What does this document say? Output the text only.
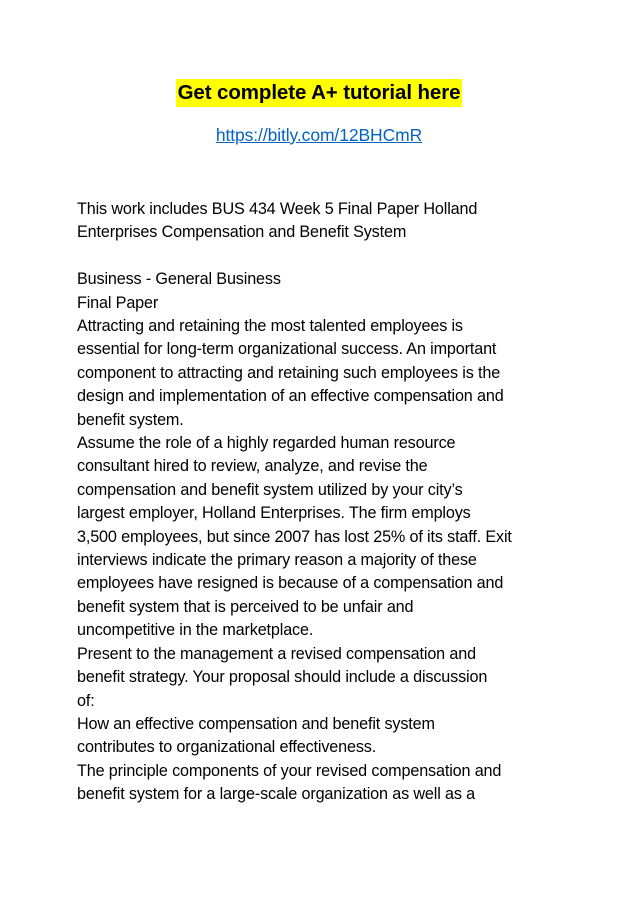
Get complete A+ tutorial here
https://bitly.com/12BHCmR
This work includes BUS 434 Week 5 Final Paper Holland
Enterprises Compensation and Benefit System
Business - General Business
Final Paper
Attracting and retaining the most talented employees is
essential for long-term organizational success. An important
component to attracting and retaining such employees is the
design and implementation of an effective compensation and
benefit system.
Assume the role of a highly regarded human resource
consultant hired to review, analyze, and revise the
compensation and benefit system utilized by your city’s
largest employer, Holland Enterprises. The firm employs
3,500 employees, but since 2007 has lost 25% of its staff. Exit
interviews indicate the primary reason a majority of these
employees have resigned is because of a compensation and
benefit system that is perceived to be unfair and
uncompetitive in the marketplace.
Present to the management a revised compensation and
benefit strategy. Your proposal should include a discussion
of:
How an effective compensation and benefit system
contributes to organizational effectiveness.
The principle components of your revised compensation and
benefit system for a large-scale organization as well as a
